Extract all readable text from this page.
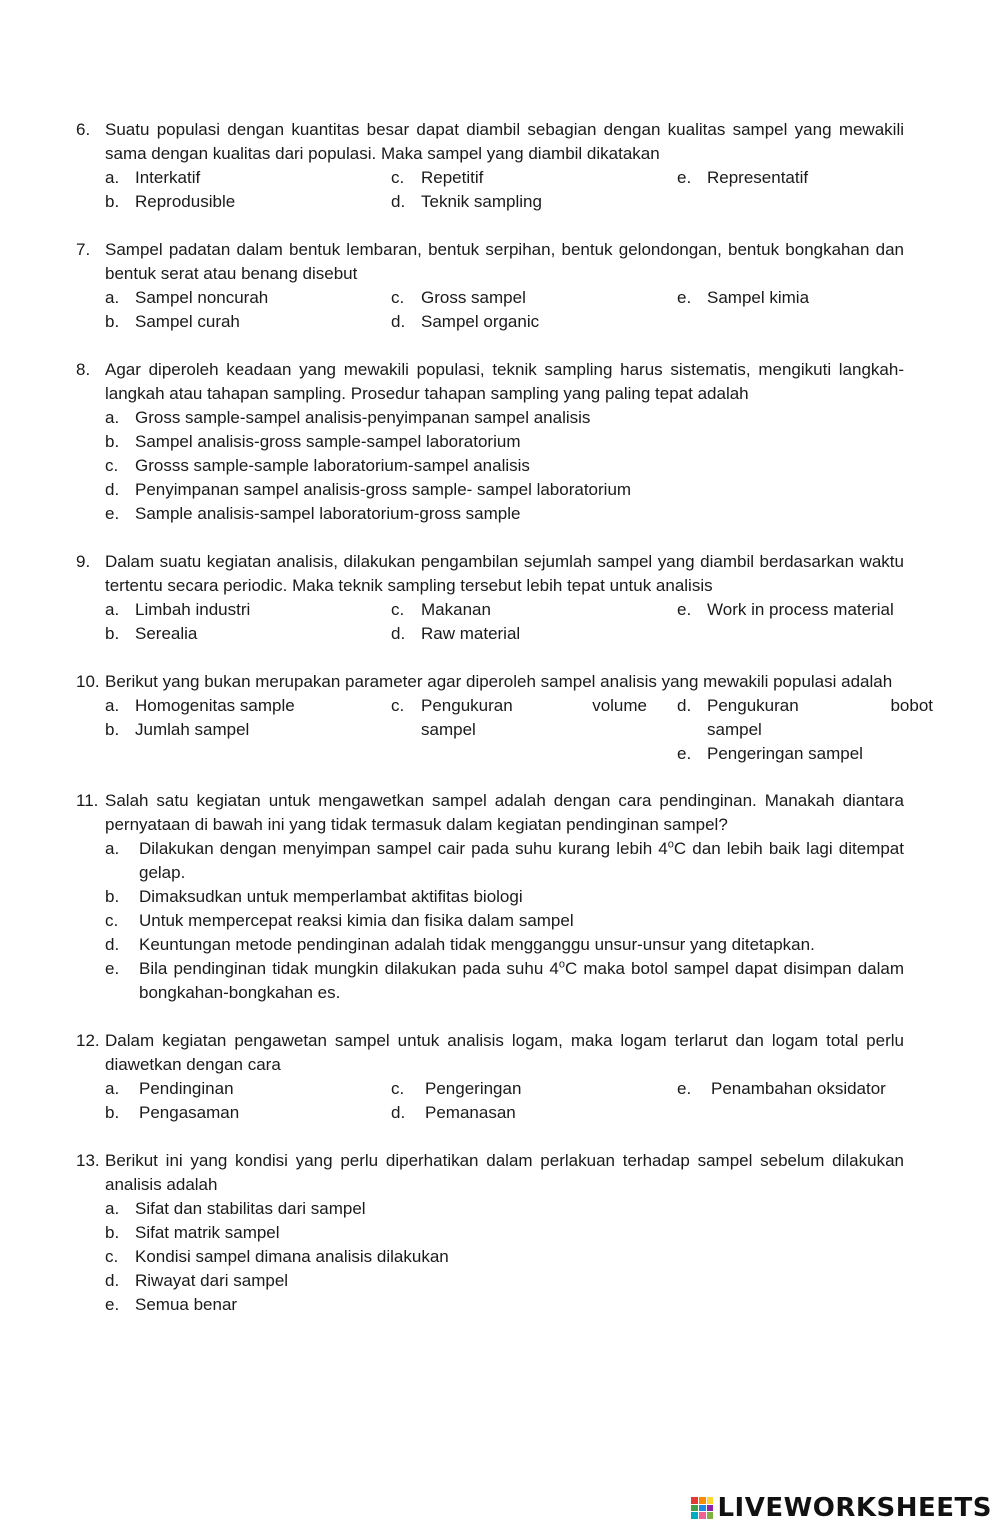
6. Suatu populasi dengan kuantitas besar dapat diambil sebagian dengan kualitas sampel yang mewakili sama dengan kualitas dari populasi. Maka sampel yang diambil dikatakan
a. Interkatif	c. Repetitif	e. Representatif
b. Reprodusible	d. Teknik sampling
7. Sampel padatan dalam bentuk lembaran, bentuk serpihan, bentuk gelondongan, bentuk bongkahan dan bentuk serat atau benang disebut
a. Sampel noncurah	c. Gross sampel	e. Sampel kimia
b. Sampel curah	d. Sampel organic
8. Agar diperoleh keadaan yang mewakili populasi, teknik sampling harus sistematis, mengikuti langkah-langkah atau tahapan sampling. Prosedur tahapan sampling yang paling tepat adalah
a. Gross sample-sampel analisis-penyimpanan sampel analisis
b. Sampel analisis-gross sample-sampel laboratorium
c. Grosss sample-sample laboratorium-sampel analisis
d. Penyimpanan sampel analisis-gross sample- sampel laboratorium
e. Sample analisis-sampel laboratorium-gross sample
9. Dalam suatu kegiatan analisis, dilakukan pengambilan sejumlah sampel yang diambil berdasarkan waktu tertentu secara periodic. Maka teknik sampling tersebut lebih tepat untuk analisis
a. Limbah industri	c. Makanan	e. Work in process material
b. Serealia	d. Raw material
10. Berikut yang bukan merupakan parameter agar diperoleh sampel analisis yang mewakili populasi adalah
a. Homogenitas sample
b. Jumlah sampel
c. Pengukuran	volume
sampel
d. Pengukuran	bobot
sampel
e. Pengeringan sampel
11. Salah satu kegiatan untuk mengawetkan sampel adalah dengan cara pendinginan. Manakah diantara pernyataan di bawah ini yang tidak termasuk dalam kegiatan pendinginan sampel?
a. Dilakukan dengan menyimpan sampel cair pada suhu kurang lebih 4$^o$C dan lebih baik lagi ditempat gelap.
b. Dimaksudkan untuk memperlambat aktifitas biologi
c. Untuk mempercepat reaksi kimia dan fisika dalam sampel
d. Keuntungan metode pendinginan adalah tidak mengganggu unsur-unsur yang ditetapkan.
e. Bila pendinginan tidak mungkin dilakukan pada suhu 4$^o$C maka botol sampel dapat disimpan dalam bongkahan-bongkahan es.
12. Dalam kegiatan pengawetan sampel untuk analisis logam, maka logam terlarut dan logam total perlu diawetkan dengan cara
a. Pendinginan	c. Pengeringan	e. Penambahan oksidator
b. Pengasaman	d. Pemanasan
13. Berikut ini yang kondisi yang perlu diperhatikan dalam perlakuan terhadap sampel sebelum dilakukan analisis adalah
a. Sifat dan stabilitas dari sampel
b. Sifat matrik sampel
c. Kondisi sampel dimana analisis dilakukan
d. Riwayat dari sampel
e. Semua benar
LIVEWORKSHEETS
